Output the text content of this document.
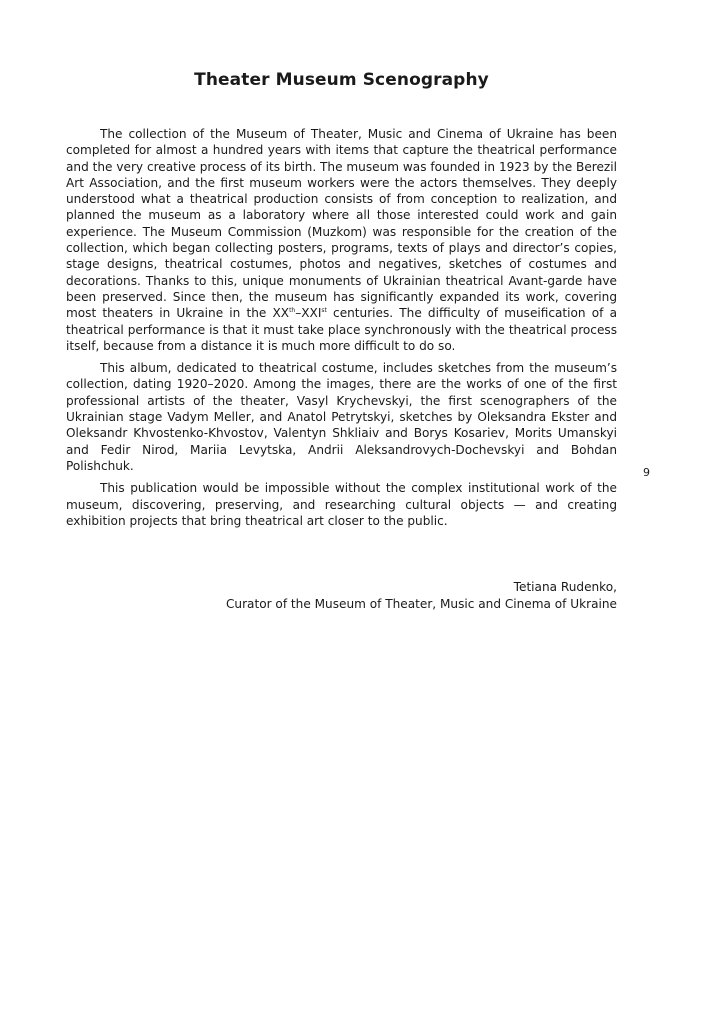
Theater Museum Scenography

The collection of the Museum of Theater, Music and Cinema of Ukraine has been completed for almost a hundred years with items that capture the theatrical performance and the very creative process of its birth. The museum was founded in 1923 by the Berezil Art Association, and the first museum workers were the actors themselves. They deeply understood what a theatrical production consists of from conception to realization, and planned the museum as a laboratory where all those interested could work and gain experience. The Museum Commission (Muzkom) was responsible for the creation of the collection, which began collecting posters, programs, texts of plays and director’s copies, stage designs, theatrical costumes, photos and negatives, sketches of costumes and decorations. Thanks to this, unique monuments of Ukrainian theatrical Avant-garde have been preserved. Since then, the museum has significantly expanded its work, covering most theaters in Ukraine in the XXth–XXIst centuries. The difficulty of museification of a theatrical performance is that it must take place synchronously with the theatrical process itself, because from a distance it is much more difficult to do so.

This album, dedicated to theatrical costume, includes sketches from the museum’s collection, dating 1920–2020. Among the images, there are the works of one of the first professional artists of the theater, Vasyl Krychevskyi, the first scenographers of the Ukrainian stage Vadym Meller, and Anatol Petrytskyi, sketches by Oleksandra Ekster and Oleksandr Khvostenko-Khvostov, Valentyn Shkliaiv and Borys Kosariev, Morits Umanskyi and Fedir Nirod, Mariia Levytska, Andrii Aleksandrovych-Dochevskyi and Bohdan Polishchuk.

This publication would be impossible without the complex institutional work of the museum, discovering, preserving, and researching cultural objects — and creating exhibition projects that bring theatrical art closer to the public.

9
Tetiana Rudenko,
Curator of the Museum of Theater, Music and Cinema of Ukraine
